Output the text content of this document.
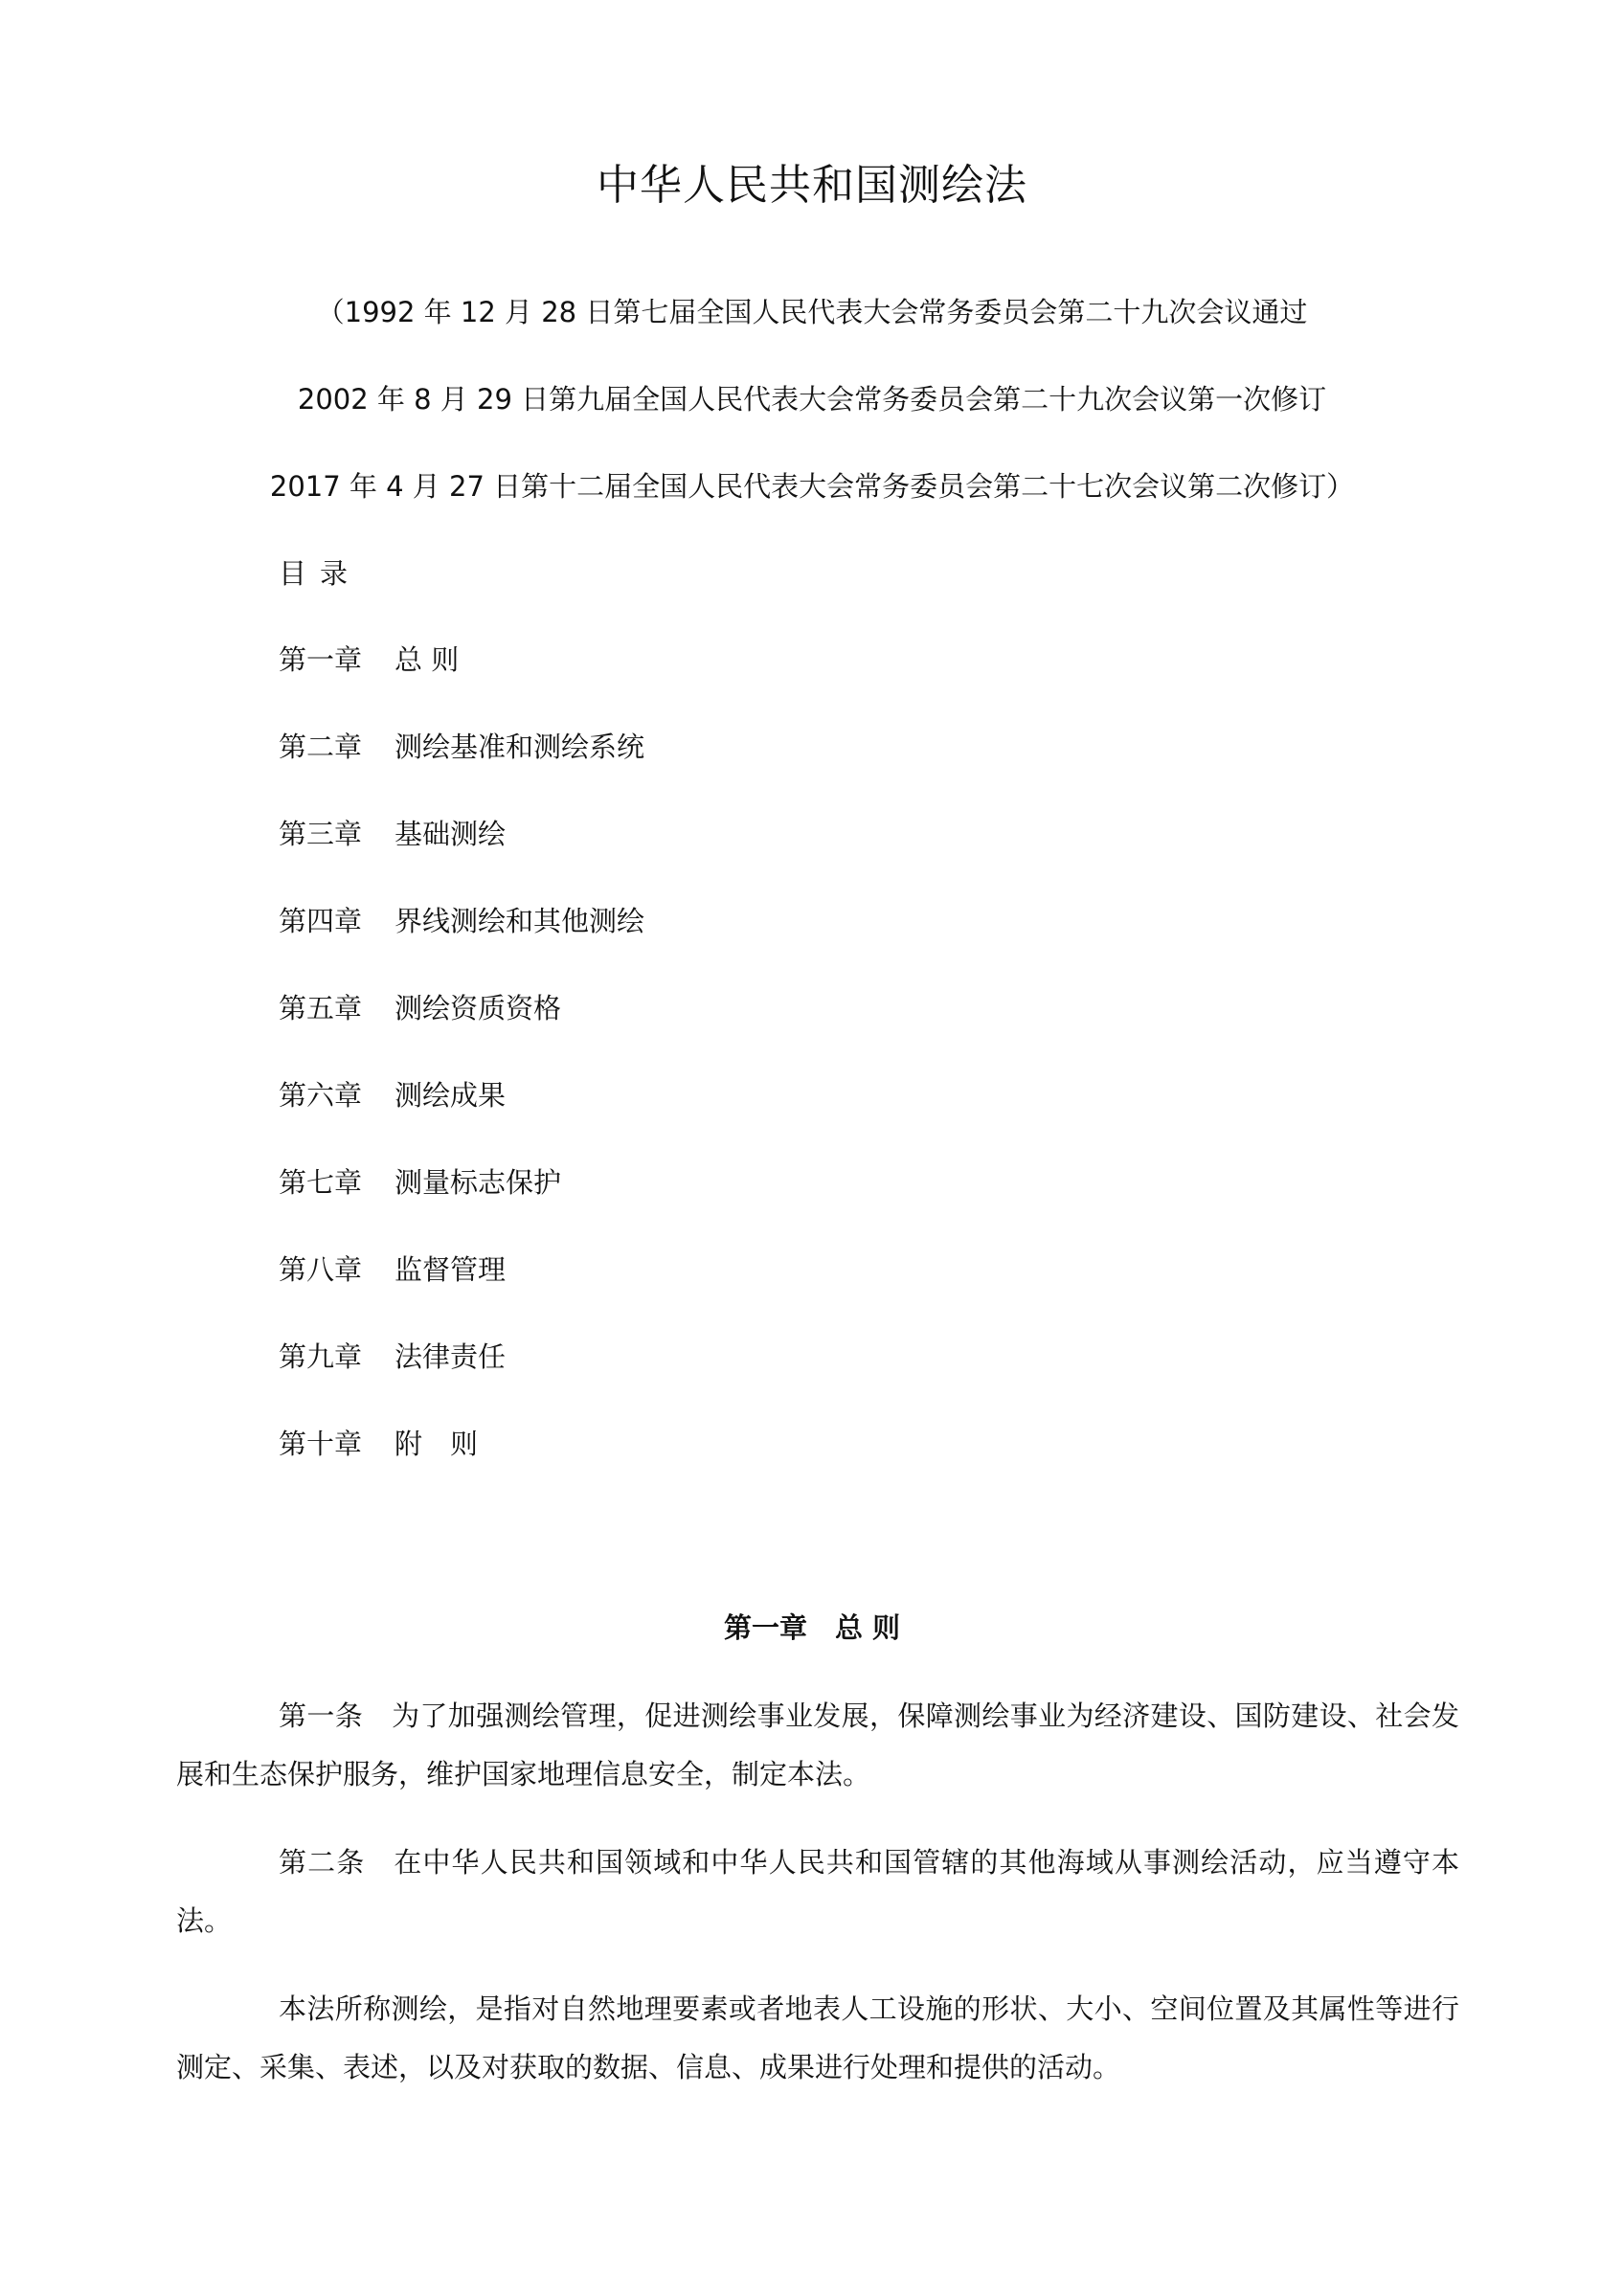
中华人民共和国测绘法
（1992 年 12 月 28 日第七届全国人民代表大会常务委员会第二十九次会议通过
2002 年 8 月 29 日第九届全国人民代表大会常务委员会第二十九次会议第一次修订
2017 年 4 月 27 日第十二届全国人民代表大会常务委员会第二十七次会议第二次修订）
目录
第一章 总 则
第二章 测绘基准和测绘系统
第三章 基础测绘
第四章 界线测绘和其他测绘
第五章 测绘资质资格
第六章 测绘成果
第七章 测量标志保护
第八章 监督管理
第九章 法律责任
第十章 附　则
第一章　总 则

第一条 为了加强测绘管理，促进测绘事业发展，保障测绘事业为经济建设、国防建设、社会发展和生态保护服务，维护国家地理信息安全，制定本法。

第二条 在中华人民共和国领域和中华人民共和国管辖的其他海域从事测绘活动，应当遵守本法。

本法所称测绘，是指对自然地理要素或者地表人工设施的形状、大小、空间位置及其属性等进行测定、采集、表述，以及对获取的数据、信息、成果进行处理和提供的活动。
